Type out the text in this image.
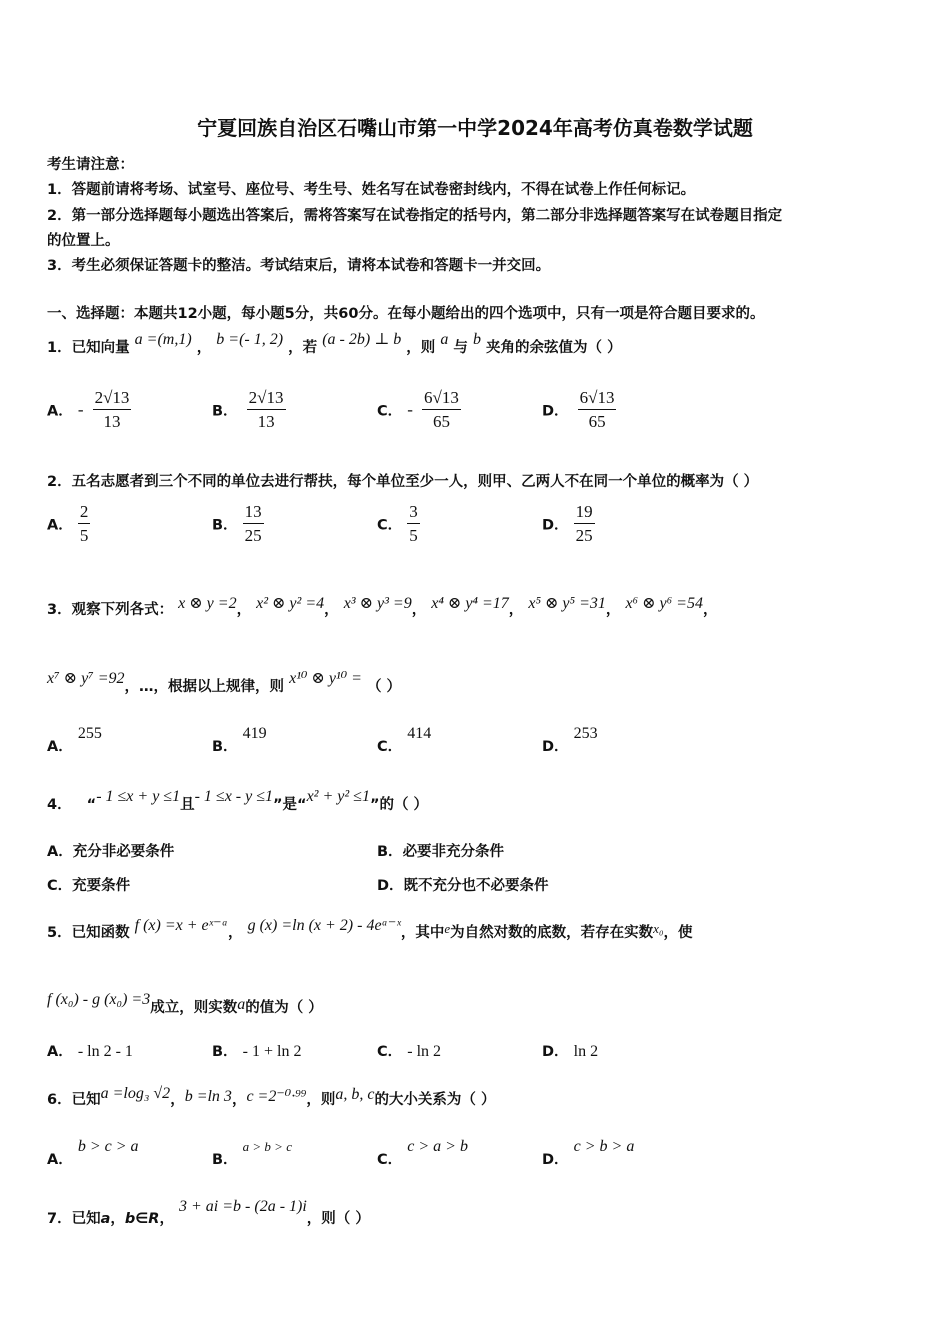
宁夏回族自治区石嘴山市第一中学2024年高考仿真卷数学试题
考生请注意：
1．答题前请将考场、试室号、座位号、考生号、姓名写在试卷密封线内，不得在试卷上作任何标记。
2．第一部分选择题每小题选出答案后，需将答案写在试卷指定的括号内，第二部分非选择题答案写在试卷题目指定
的位置上。
3．考生必须保证答题卡的整洁。考试结束后，请将本试卷和答题卡一并交回。
一、选择题：本题共12小题，每小题5分，共60分。在每小题给出的四个选项中，只有一项是符合题目要求的。
1．已知向量 a =(m,1) ， b =(- 1, 2) ，若 (a - 2b) ⊥ b ，则 a 与 b 夹角的余弦值为（ ）
A． - $\frac{2√13}{13}$	B． $\frac{2√13}{13}$	C． - $\frac{6√13}{65}$	D． $\frac{6√13}{65}$
2．五名志愿者到三个不同的单位去进行帮扶，每个单位至少一人，则甲、乙两人不在同一个单位的概率为（ ）
A． $\frac{2}{5}$	B． $\frac{13}{25}$	C． $\frac{3}{5}$	D． $\frac{19}{25}$
3．观察下列各式： x ⊗ y =2， x² ⊗ y² =4， x³ ⊗ y³ =9， x⁴ ⊗ y⁴ =17， x⁵ ⊗ y⁵ =31， x⁶ ⊗ y⁶ =54，
x⁷ ⊗ y⁷ =92，…，根据以上规律，则 x¹⁰ ⊗ y¹⁰ = （ ）
A． 255
B． 419
C． 414
D． 253
4． “- 1 ≤x + y ≤1且- 1 ≤x - y ≤1”是“x² + y² ≤1”的（ ）
A．充分非必要条件	B．必要非充分条件
C．充要条件	D．既不充分也不必要条件
5．已知函数 f (x) =x + eˣ⁻ᵃ， g (x) =ln (x + 2) - 4eᵃ⁻ˣ，其中e为自然对数的底数，若存在实数x₀，使
f (x₀) - g (x₀) =3成立，则实数a的值为（ ）
A． - ln 2 - 1	B． - 1 + ln 2	C． - ln 2	D． ln 2
6．已知a =log₃ √2，b =ln 3，c =2⁻⁰·⁹⁹，则a, b, c的大小关系为（ ）
A． b > c > a
B． a > b > c
C． c > a > b
D． c > b > a
7．已知a，b∈R， 3 + ai =b - (2a - 1)i，则（ ）
